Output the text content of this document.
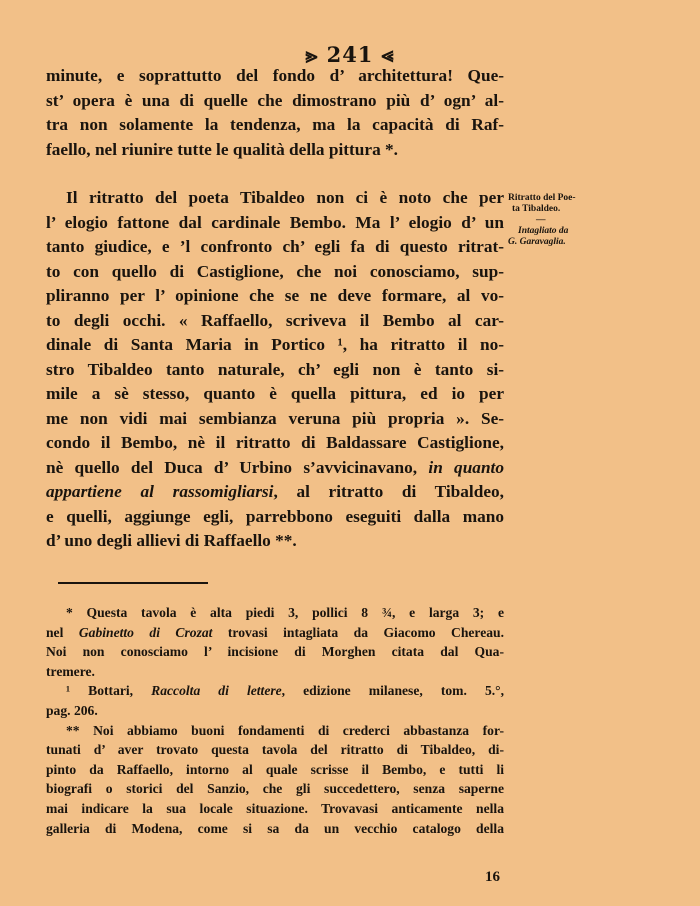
⪢ 241 ⪡

minute, e soprattutto del fondo d’ architettura! Que-
st’ opera è una di quelle che dimostrano più d’ ogn’ al-
tra non solamente la tendenza, ma la capacità di Raf-
faello, nel riunire tutte le qualità della pittura *.

Il ritratto del poeta Tibaldeo non ci è noto che per
l’ elogio fattone dal cardinale Bembo. Ma l’ elogio d’ un
tanto giudice, e ’l confronto ch’ egli fa di questo ritrat-
to con quello di Castiglione, che noi conosciamo, sup-
pliranno per l’ opinione che se ne deve formare, al vo-
to degli occhi. « Raffaello, scriveva il Bembo al car-
dinale di Santa Maria in Portico ¹, ha ritratto il no-
stro Tibaldeo tanto naturale, ch’ egli non è tanto si-
mile a sè stesso, quanto è quella pittura, ed io per
me non vidi mai sembianza veruna più propria ». Se-
condo il Bembo, nè il ritratto di Baldassare Castiglione,
nè quello del Duca d’ Urbino s’avvicinavano, in quanto
appartiene al rassomigliarsi, al ritratto di Tibaldeo,
e quelli, aggiunge egli, parrebbono eseguiti dalla mano
d’ uno degli allievi di Raffaello **.

Ritratto del Poe-
ta Tibaldeo.
—
Intagliato da
G. Garavaglia.
* Questa tavola è alta piedi 3, pollici 8 ¾, e larga 3; e
nel Gabinetto di Crozat trovasi intagliata da Giacomo Chereau.
Noi non conosciamo l’ incisione di Morghen citata dal Qua-
tremere.
¹ Bottari, Raccolta di lettere, edizione milanese, tom. 5.°,
pag. 206.
** Noi abbiamo buoni fondamenti di crederci abbastanza for-
tunati d’ aver trovato questa tavola del ritratto di Tibaldeo, di-
pinto da Raffaello, intorno al quale scrisse il Bembo, e tutti li
biografi o storici del Sanzio, che gli succedettero, senza saperne
mai indicare la sua locale situazione. Trovavasi anticamente nella
galleria di Modena, come si sa da un vecchio catalogo della
16
